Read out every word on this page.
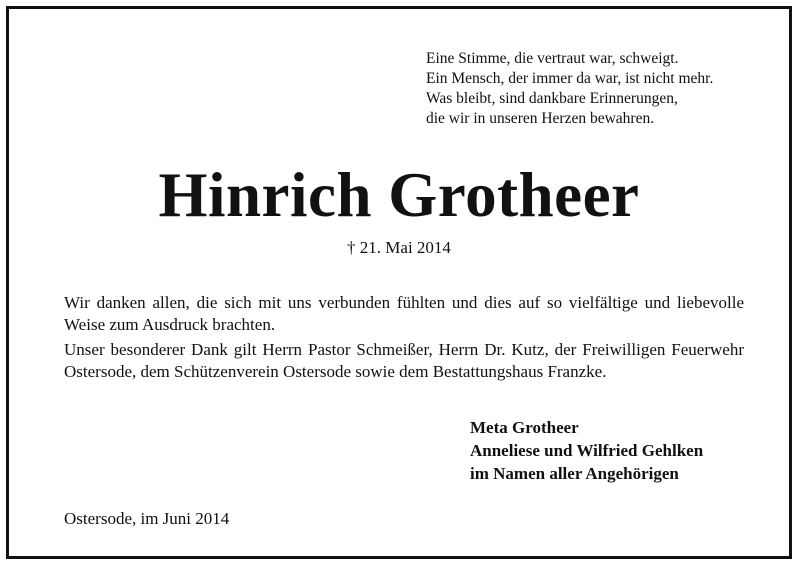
Eine Stimme, die vertraut war, schweigt.
Ein Mensch, der immer da war, ist nicht mehr.
Was bleibt, sind dankbare Erinnerungen,
die wir in unseren Herzen bewahren.
Hinrich Grotheer
† 21. Mai 2014
Wir danken allen, die sich mit uns verbunden fühlten und dies auf so vielfältige und liebevolle Weise zum Ausdruck brachten.
Unser besonderer Dank gilt Herrn Pastor Schmeißer, Herrn Dr. Kutz, der Freiwilligen Feuerwehr Ostersode, dem Schützenverein Ostersode sowie dem Bestattungshaus Franzke.
Meta Grotheer
Anneliese und Wilfried Gehlken
im Namen aller Angehörigen
Ostersode, im Juni 2014
